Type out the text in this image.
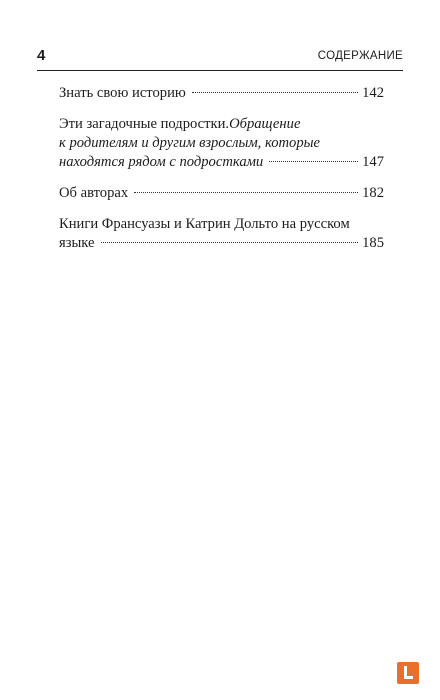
4	СОДЕРЖАНИЕ
Знать свою историю	142
Эти загадочные подростки. Обращение
к родителям и другим взрослым, которые
находятся рядом с подростками	147
Об авторах	182
Книги Франсуазы и Катрин Дольто на русском
языке	185
